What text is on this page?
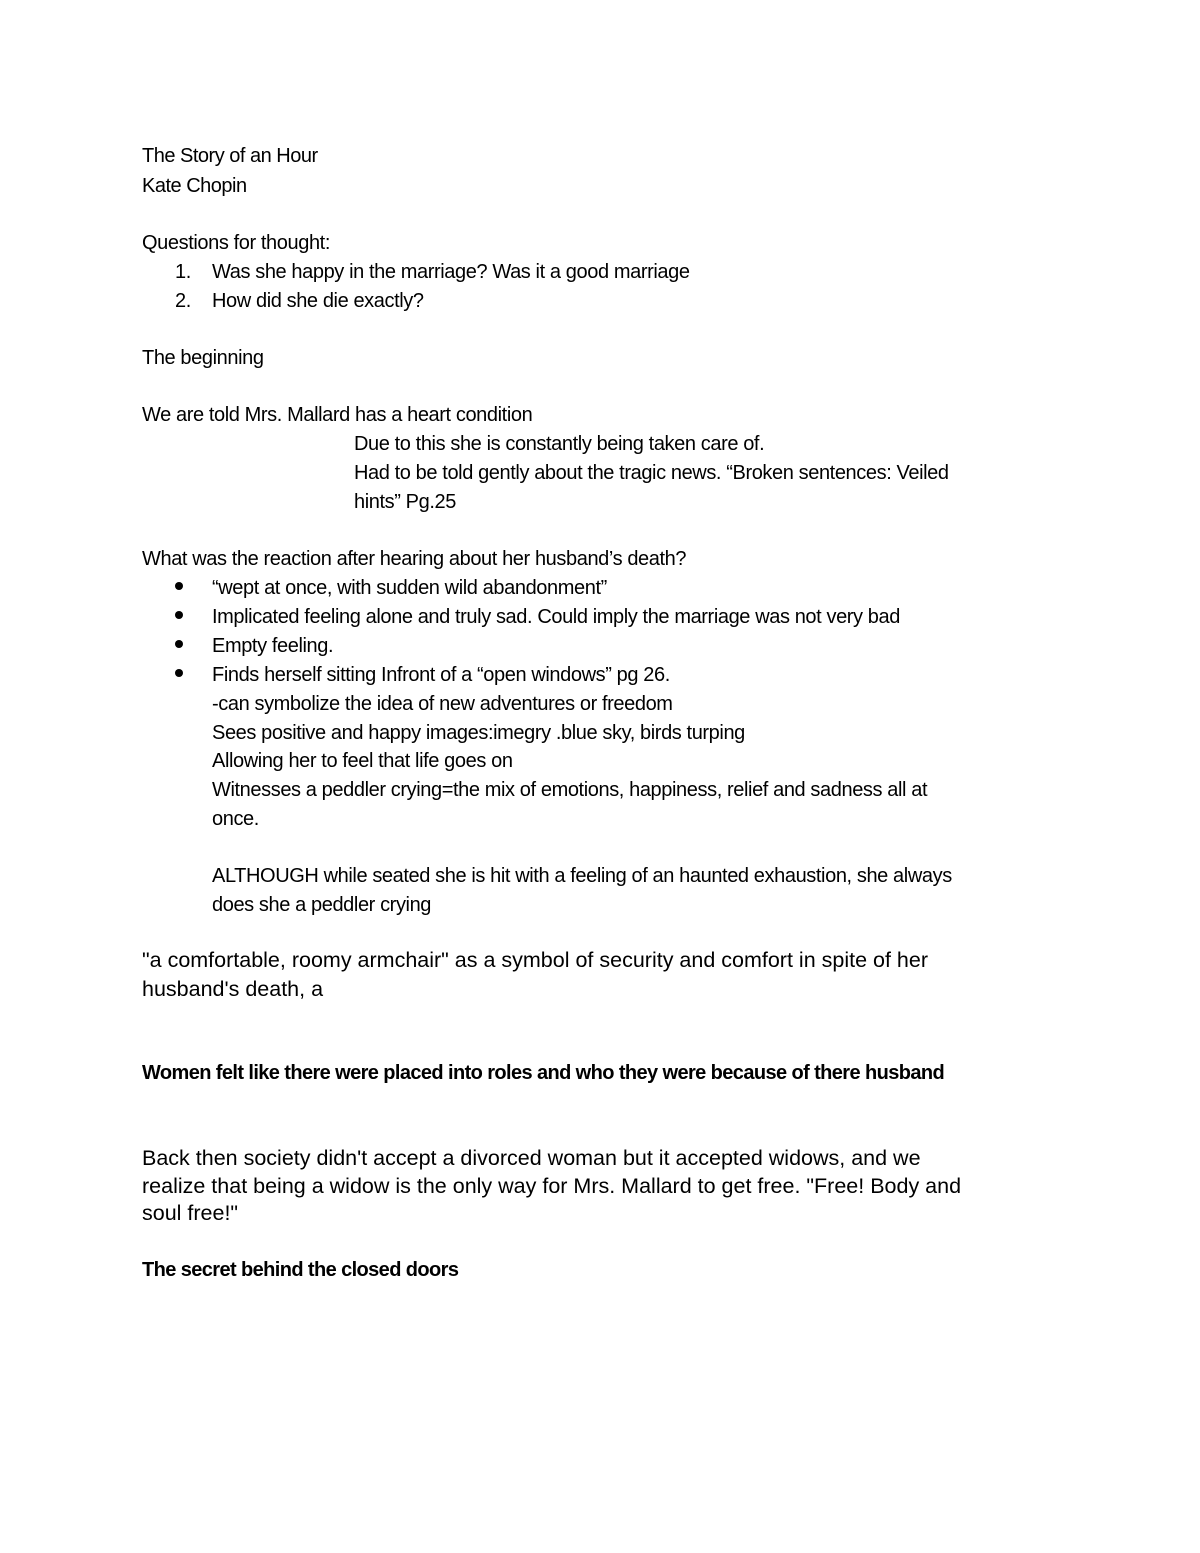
The Story of an Hour
Kate Chopin
Questions for thought:
1. Was she happy in the marriage? Was it a good marriage
2. How did she die exactly?
The beginning
We are told Mrs. Mallard has a heart condition
Due to this she is constantly being taken care of.
Had to be told gently about the tragic news. “Broken sentences: Veiled
hints” Pg.25
What was the reaction after hearing about her husband’s death?
“wept at once, with sudden wild abandonment”
Implicated feeling alone and truly sad. Could imply the marriage was not very bad
Empty feeling.
Finds herself sitting Infront of a “open windows” pg 26.
-can symbolize the idea of new adventures or freedom
Sees positive and happy images:imegry .blue sky, birds turping
Allowing her to feel that life goes on
Witnesses a peddler crying=the mix of emotions, happiness, relief and sadness all at
once.
ALTHOUGH while seated she is hit with a feeling of an haunted exhaustion, she always
does she a peddler crying
"a comfortable, roomy armchair" as a symbol of security and comfort in spite of her
husband's death, a
Women felt like there were placed into roles and who they were because of there husband
Back then society didn't accept a divorced woman but it accepted widows, and we
realize that being a widow is the only way for Mrs. Mallard to get free. "Free! Body and
soul free!"
The secret behind the closed doors
